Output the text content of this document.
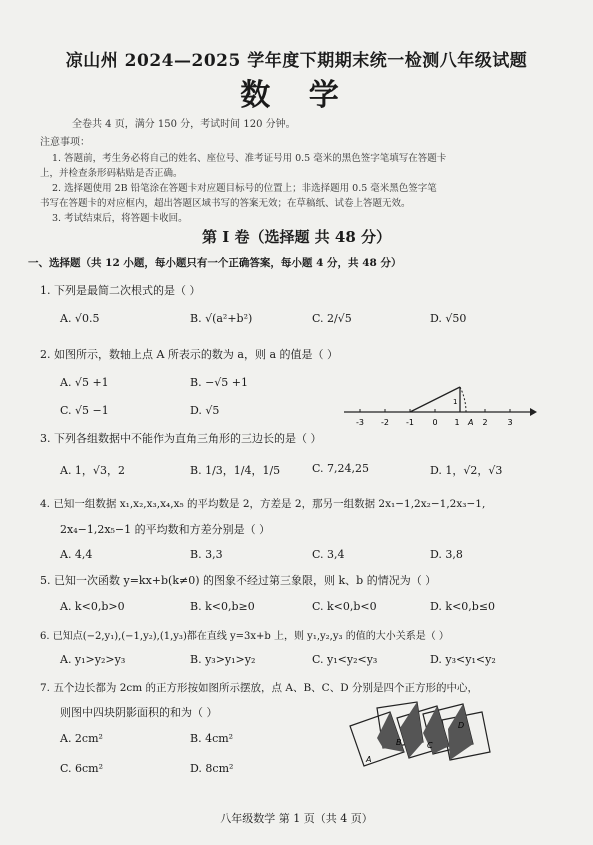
凉山州 2024—2025 学年度下期期末统一检测八年级试题
数 学
全卷共 4 页，满分 150 分，考试时间 120 分钟。
注意事项：
1. 答题前，考生务必将自己的姓名、座位号、准考证号用 0.5 毫米的黑色签字笔填写在答题卡
上，并检查条形码粘贴是否正确。
2. 选择题使用 2B 铅笔涂在答题卡对应题目标号的位置上；非选择题用 0.5 毫米黑色签字笔
书写在答题卡的对应框内，超出答题区域书写的答案无效；在草稿纸、试卷上答题无效。
3. 考试结束后，将答题卡收回。
第 Ⅰ 卷（选择题 共 48 分）
一、选择题（共 12 小题，每小题只有一个正确答案，每小题 4 分，共 48 分）
1. 下列是最简二次根式的是（ ）
A. √0.5	B. √(a²+b²)	C. 2/√5	D. √50
2. 如图所示，数轴上点 A 所表示的数为 a，则 a 的值是（ ）
A. √5 +1	B. −√5 +1
C. √5 −1	D. √5
-3 -2 -1 0 1	2 3
A
1
3. 下列各组数据中不能作为直角三角形的三边长的是（ ）
A. 1，√3，2	B. 1/3，1/4，1/5	C. 7,24,25	D. 1，√2，√3
4. 已知一组数据 x₁,x₂,x₃,x₄,x₅ 的平均数是 2，方差是 2，那另一组数据 2x₁−1,2x₂−1,2x₃−1,
2x₄−1,2x₅−1 的平均数和方差分别是（ ）
A. 4,4	B. 3,3	C. 3,4	D. 3,8
5. 已知一次函数 y=kx+b(k≠0) 的图象不经过第三象限，则 k、b 的情况为（ ）
A. k<0,b>0	B. k<0,b≥0	C. k<0,b<0	D. k<0,b≤0
6. 已知点(−2,y₁),(−1,y₂),(1,y₃)都在直线 y=3x+b 上，则 y₁,y₂,y₃ 的值的大小关系是（ ）
A. y₁>y₂>y₃	B. y₃>y₁>y₂	C. y₁<y₂<y₃	D. y₃<y₁<y₂
7. 五个边长都为 2cm 的正方形按如图所示摆放，点 A、B、C、D 分别是四个正方形的中心，
则图中四块阴影面积的和为（ ）
A. 2cm²	B. 4cm²
C. 6cm²	D. 8cm²
A
B	C
D
八年级数学 第 1 页（共 4 页）
